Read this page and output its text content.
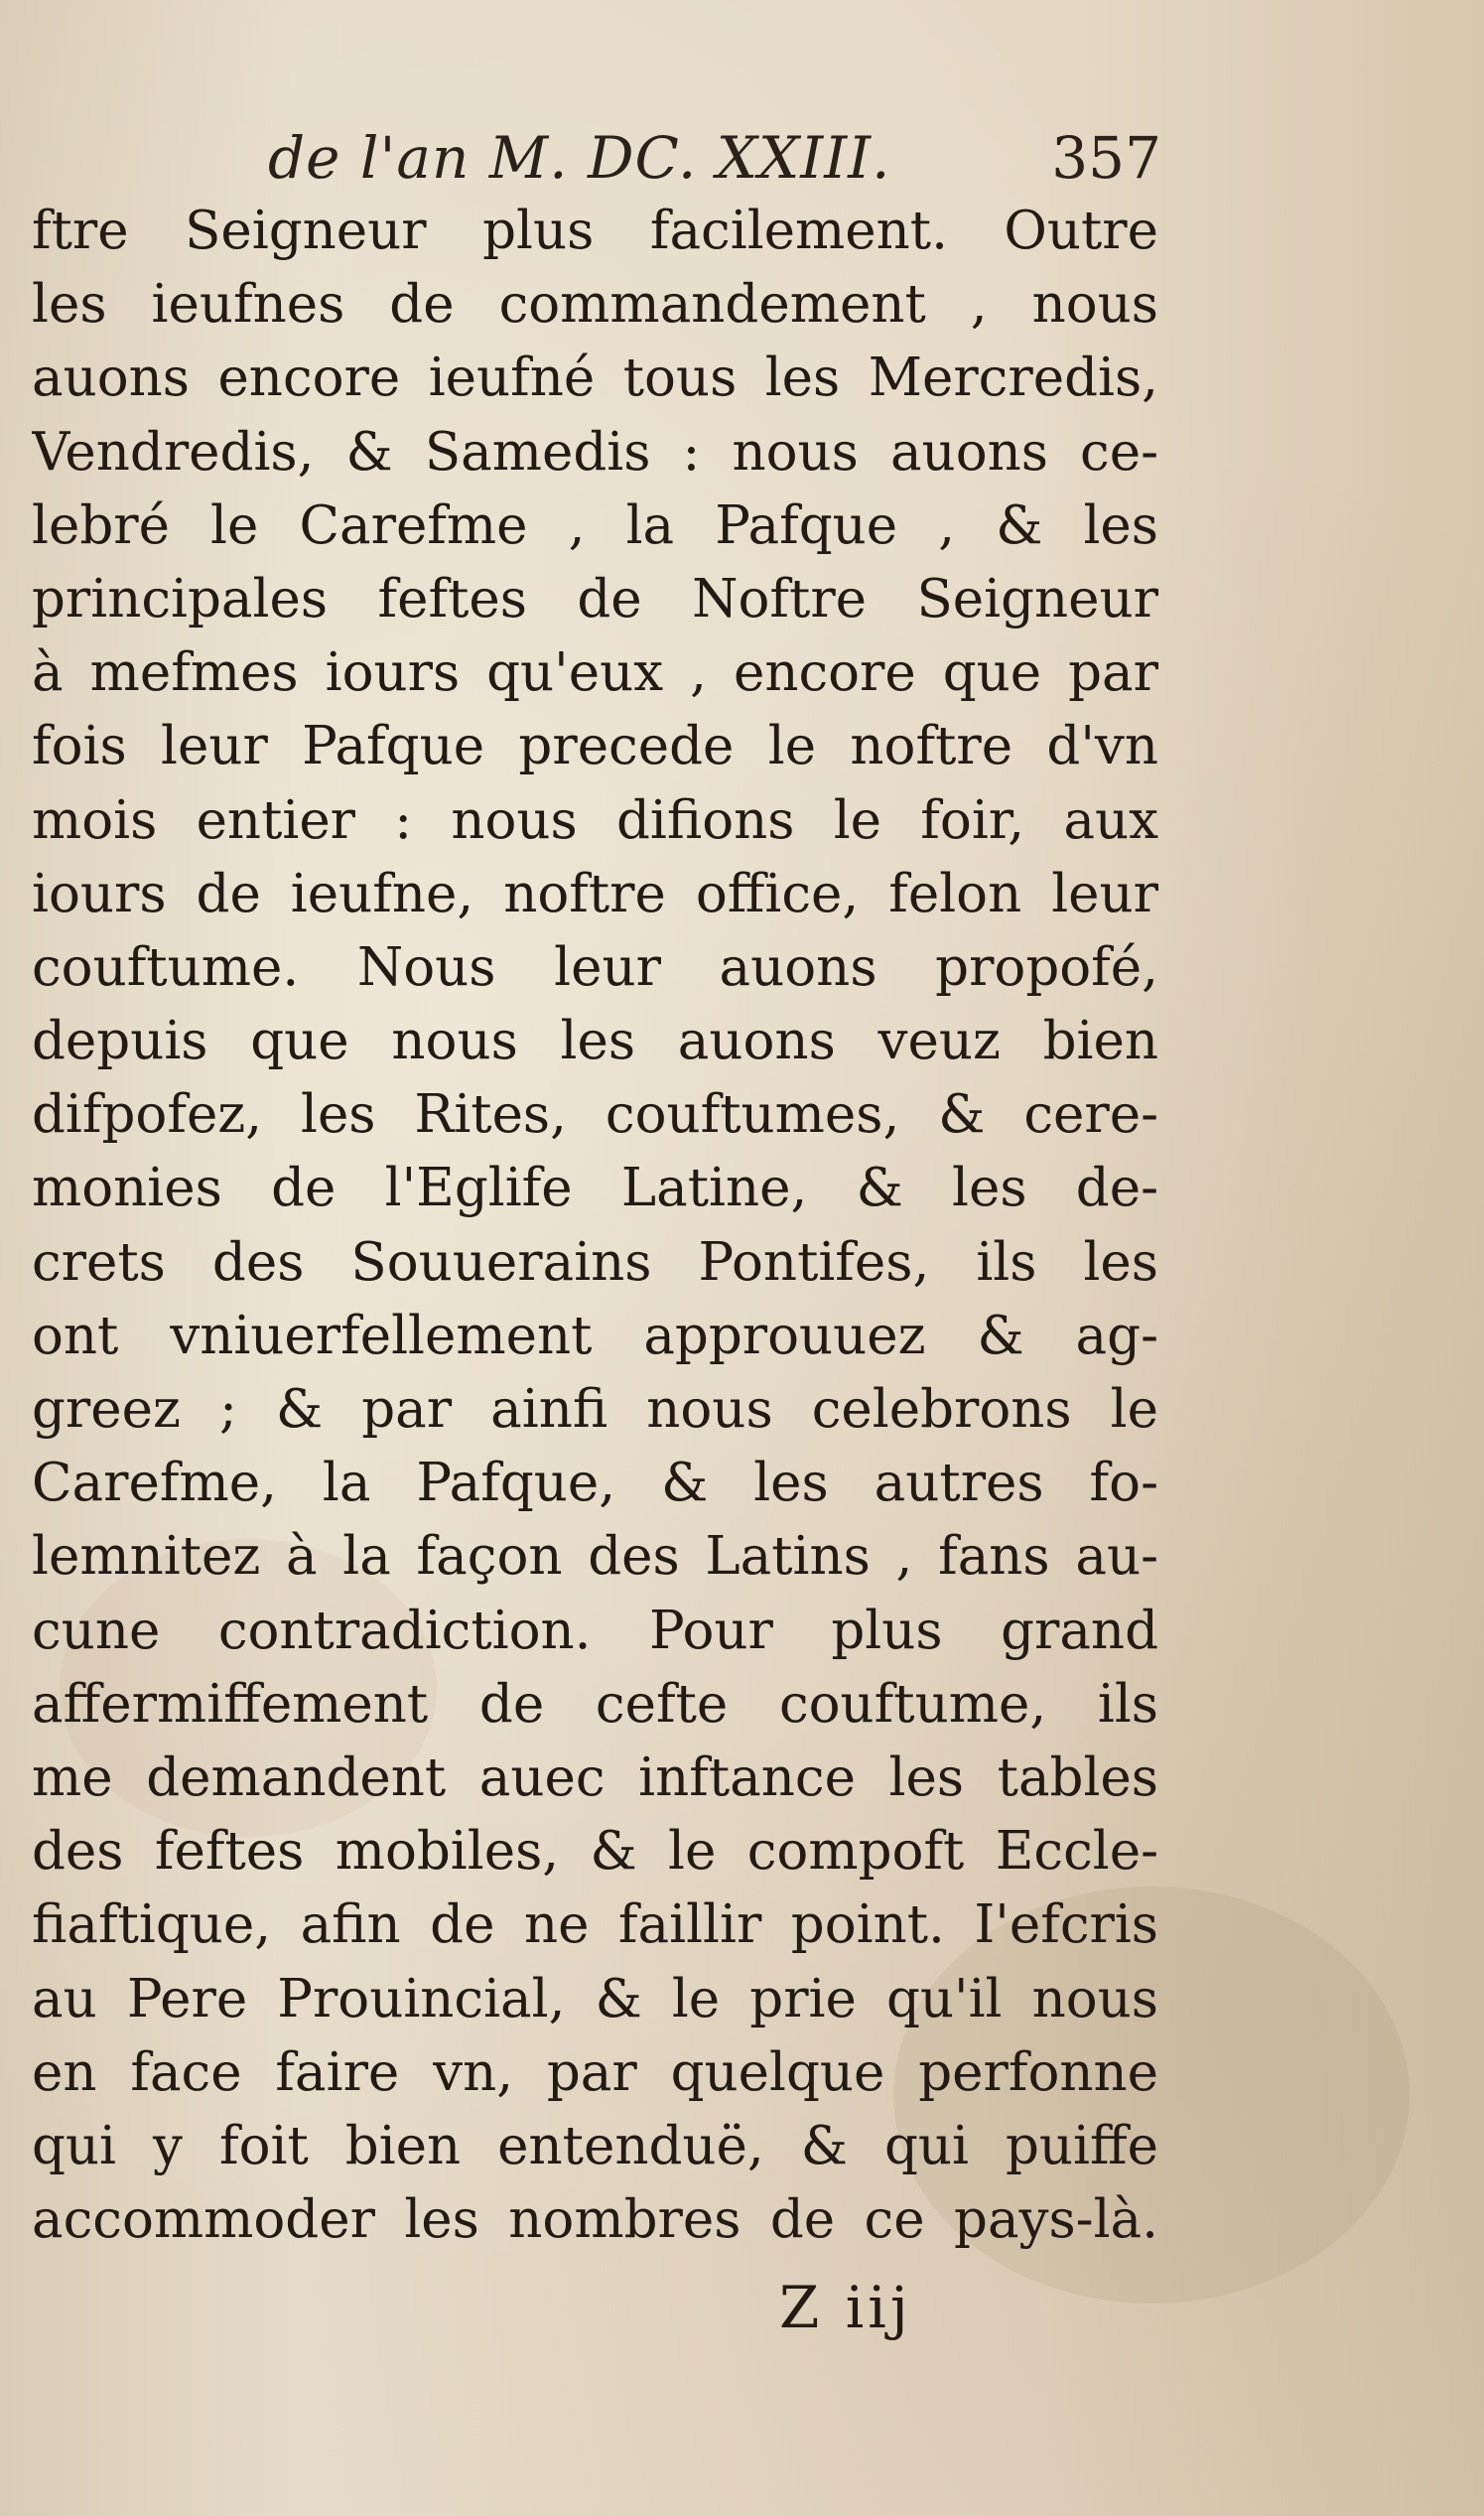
de l'an M. DC. XXIII.	357
ftre Seigneur plus facilement. Outre
les ieufnes de commandement , nous
auons encore ieufné tous les Mercredis,
Vendredis, & Samedis : nous auons ce-
lebré le Carefme , la Pafque , & les
principales feftes de Noftre Seigneur
à mefmes iours qu'eux , encore que par
fois leur Pafque precede le noftre d'vn
mois entier : nous difions le foir, aux
iours de ieufne, noftre office, felon leur
couftume. Nous leur auons propofé,
depuis que nous les auons veuz bien
difpofez, les Rites, couftumes, & cere-
monies de l'Eglife Latine, & les de-
crets des Souuerains Pontifes, ils les
ont vniuerfellement approuuez & ag-
greez ; & par ainfi nous celebrons le
Carefme, la Pafque, & les autres fo-
lemnitez à la façon des Latins , fans au-
cune contradiction. Pour plus grand
affermiffement de cefte couftume, ils
me demandent auec inftance les tables
des feftes mobiles, & le compoft Eccle-
fiaftique, afin de ne faillir point. I'efcris
au Pere Prouincial, & le prie qu'il nous
en face faire vn, par quelque perfonne
qui y foit bien entenduë, & qui puiffe
accommoder les nombres de ce pays-là.
Z iij
